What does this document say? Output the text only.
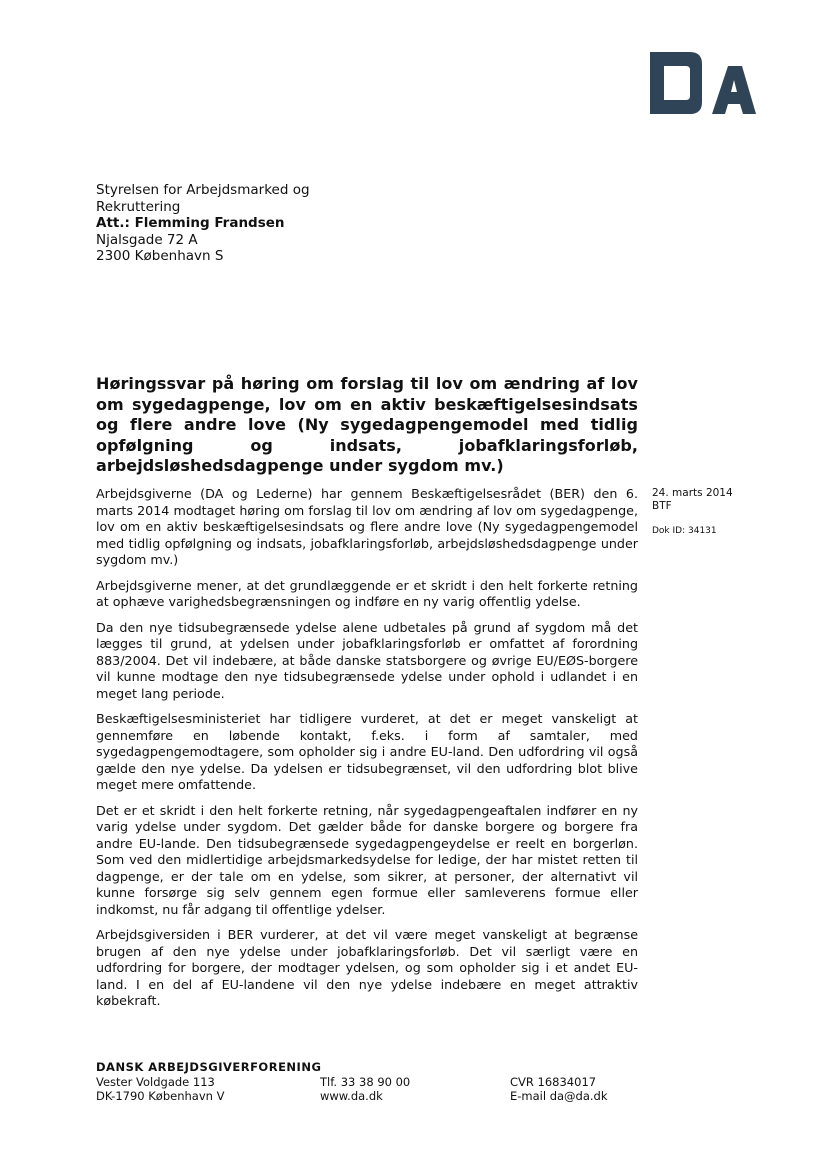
Styrelsen for Arbejdsmarked og
Rekruttering
Att.: Flemming Frandsen
Njalsgade 72 A
2300 København S
Høringssvar på høring om forslag til lov om ændring af lov om sygedagpenge, lov om en aktiv beskæftigelsesindsats og flere andre love (Ny sygedagpengemodel med tidlig opfølgning og indsats, jobafklaringsforløb, arbejdsløshedsdagpenge under sygdom mv.)

Arbejdsgiverne (DA og Lederne) har gennem Beskæftigelsesrådet (BER) den 6. marts 2014 modtaget høring om forslag til lov om ændring af lov om sygedagpenge, lov om en aktiv beskæftigelsesindsats og flere andre love (Ny sygedagpengemodel med tidlig opfølgning og indsats, jobafklaringsforløb, arbejdsløshedsdagpenge under sygdom mv.)

Arbejdsgiverne mener, at det grundlæggende er et skridt i den helt forkerte retning at ophæve varighedsbegrænsningen og indføre en ny varig offentlig ydelse.

Da den nye tidsubegrænsede ydelse alene udbetales på grund af sygdom må det lægges til grund, at ydelsen under jobafklaringsforløb er omfattet af forordning 883/2004. Det vil indebære, at både danske statsborgere og øvrige EU/EØS-borgere vil kunne modtage den nye tidsubegrænsede ydelse under ophold i udlandet i en meget lang periode.

Beskæftigelsesministeriet har tidligere vurderet, at det er meget vanskeligt at gennemføre en løbende kontakt, f.eks. i form af samtaler, med sygedagpengemodtagere, som opholder sig i andre EU-land. Den udfordring vil også gælde den nye ydelse. Da ydelsen er tidsubegrænset, vil den udfordring blot blive meget mere omfattende.

Det er et skridt i den helt forkerte retning, når sygedagpengeaftalen indfører en ny varig ydelse under sygdom. Det gælder både for danske borgere og borgere fra andre EU-lande. Den tidsubegrænsede sygedagpengeydelse er reelt en borgerløn. Som ved den midlertidige arbejdsmarkedsydelse for ledige, der har mistet retten til dagpenge, er der tale om en ydelse, som sikrer, at personer, der alternativt vil kunne forsørge sig selv gennem egen formue eller samleverens formue eller indkomst, nu får adgang til offentlige ydelser.

Arbejdsgiversiden i BER vurderer, at det vil være meget vanskeligt at begrænse brugen af den nye ydelse under jobafklaringsforløb. Det vil særligt være en udfordring for borgere, der modtager ydelsen, og som opholder sig i et andet EU-land. I en del af EU-landene vil den nye ydelse indebære en meget attraktiv købekraft.

24. marts 2014
BTF
Dok ID: 34131
DANSK ARBEJDSGIVERFORENING
Vester Voldgade 113	Tlf. 33 38 90 00	CVR 16834017
DK-1790 København V	www.da.dk	E-mail da@da.dk
